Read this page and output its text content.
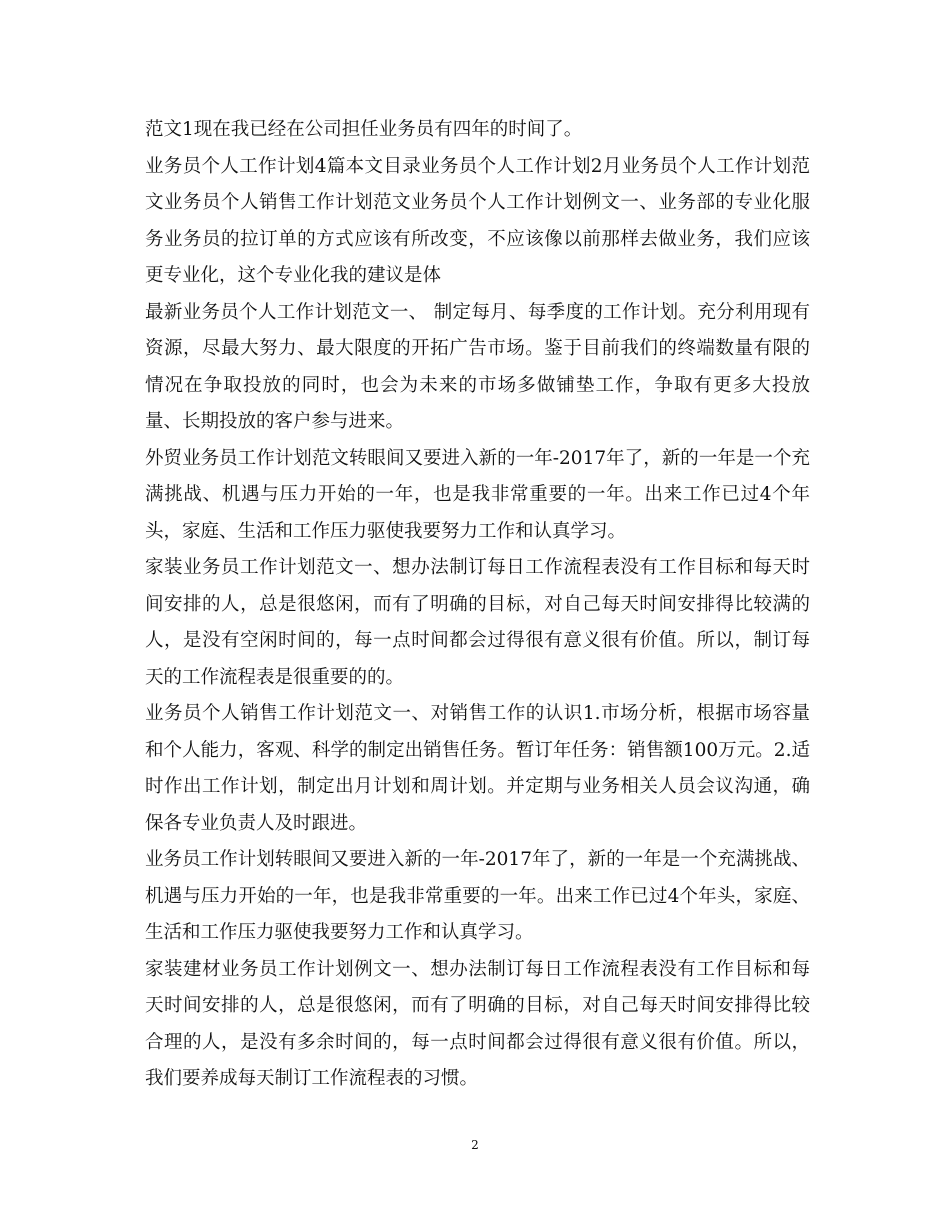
范文1现在我已经在公司担任业务员有四年的时间了。

业务员个人工作计划4篇本文目录业务员个人工作计划2月业务员个人工作计划范文业务员个人销售工作计划范文业务员个人工作计划例文一、业务部的专业化服务业务员的拉订单的方式应该有所改变，不应该像以前那样去做业务，我们应该更专业化，这个专业化我的建议是体

最新业务员个人工作计划范文一、 制定每月、每季度的工作计划。充分利用现有资源，尽最大努力、最大限度的开拓广告市场。鉴于目前我们的终端数量有限的情况在争取投放的同时，也会为未来的市场多做铺垫工作，争取有更多大投放量、长期投放的客户参与进来。

外贸业务员工作计划范文转眼间又要进入新的一年-2017年了，新的一年是一个充满挑战、机遇与压力开始的一年，也是我非常重要的一年。出来工作已过4个年头，家庭、生活和工作压力驱使我要努力工作和认真学习。

家装业务员工作计划范文一、想办法制订每日工作流程表没有工作目标和每天时间安排的人，总是很悠闲，而有了明确的目标，对自己每天时间安排得比较满的人，是没有空闲时间的，每一点时间都会过得很有意义很有价值。所以，制订每天的工作流程表是很重要的的。

业务员个人销售工作计划范文一、对销售工作的认识1.市场分析，根据市场容量和个人能力，客观、科学的制定出销售任务。暂订年任务：销售额100万元。2.适时作出工作计划，制定出月计划和周计划。并定期与业务相关人员会议沟通，确保各专业负责人及时跟进。

业务员工作计划转眼间又要进入新的一年-2017年了，新的一年是一个充满挑战、机遇与压力开始的一年，也是我非常重要的一年。出来工作已过4个年头，家庭、生活和工作压力驱使我要努力工作和认真学习。

家装建材业务员工作计划例文一、想办法制订每日工作流程表没有工作目标和每天时间安排的人，总是很悠闲，而有了明确的目标，对自己每天时间安排得比较合理的人，是没有多余时间的，每一点时间都会过得很有意义很有价值。所以，我们要养成每天制订工作流程表的习惯。

2
